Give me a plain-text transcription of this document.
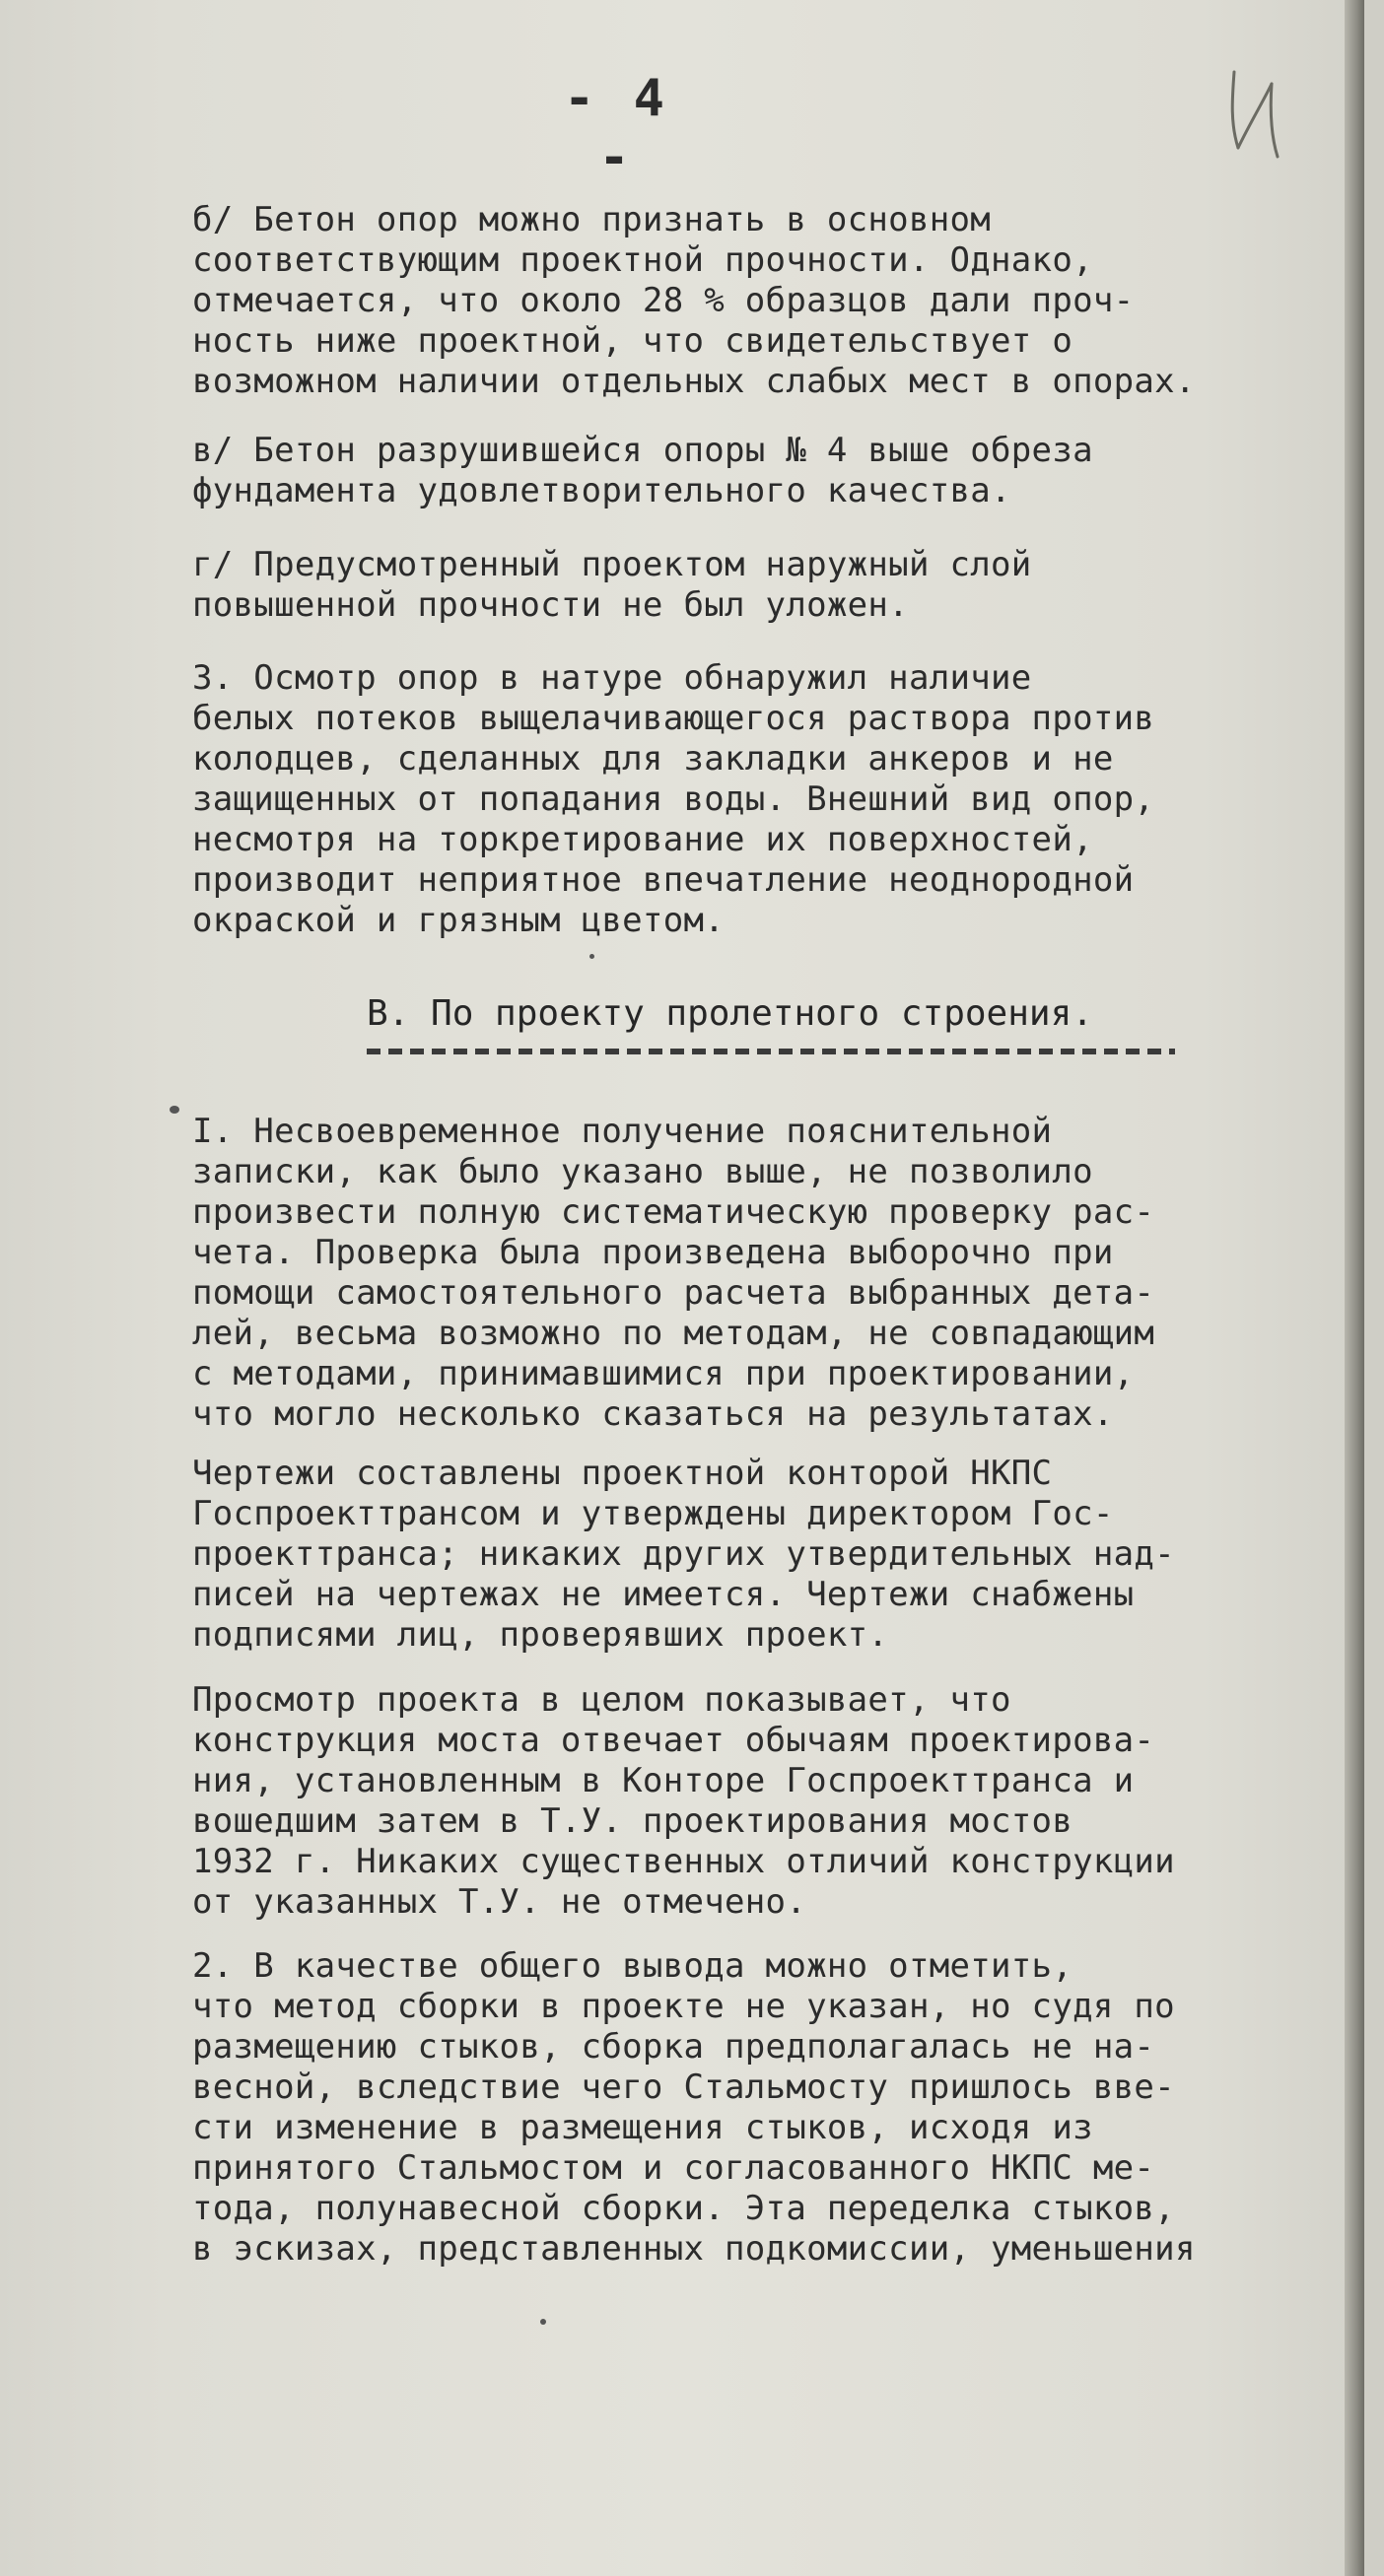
- 4 -
б/ Бетон опор можно признать в основном
соответствующим проектной прочности. Однако,
отмечается, что около 28 % образцов дали проч-
ность ниже проектной, что свидетельствует о
возможном наличии отдельных слабых мест в опорах.
в/ Бетон разрушившейся опоры № 4 выше обреза
фундамента удовлетворительного качества.
г/ Предусмотренный проектом наружный слой
повышенной прочности не был уложен.
3. Осмотр опор в натуре обнаружил наличие
белых потеков выщелачивающегося раствора против
колодцев, сделанных для закладки анкеров и не
защищенных от попадания воды. Внешний вид опор,
несмотря на торкретирование их поверхностей,
производит неприятное впечатление неоднородной
окраской и грязным цветом.
В. По проекту пролетного строения.
I. Несвоевременное получение пояснительной
записки, как было указано выше, не позволило
произвести полную систематическую проверку рас-
чета. Проверка была произведена выборочно при
помощи самостоятельного расчета выбранных дета-
лей, весьма возможно по методам, не совпадающим
с методами, принимавшимися при проектировании,
что могло несколько сказаться на результатах.
Чертежи составлены проектной конторой НКПС
Госпроекттрансом и утверждены директором Гос-
проекттранса; никаких других утвердительных над-
писей на чертежах не имеется. Чертежи снабжены
подписями лиц, проверявших проект.
Просмотр проекта в целом показывает, что
конструкция моста отвечает обычаям проектирова-
ния, установленным в Конторе Госпроекттранса и
вошедшим затем в Т.У. проектирования мостов
1932 г. Никаких существенных отличий конструкции
от указанных Т.У. не отмечено.
2. В качестве общего вывода можно отметить,
что метод сборки в проекте не указан, но судя по
размещению стыков, сборка предполагалась не на-
весной, вследствие чего Стальмосту пришлось вве-
сти изменение в размещения стыков, исходя из
принятого Стальмостом и согласованного НКПС ме-
тода, полунавесной сборки. Эта переделка стыков,
в эскизах, представленных подкомиссии, уменьшения
